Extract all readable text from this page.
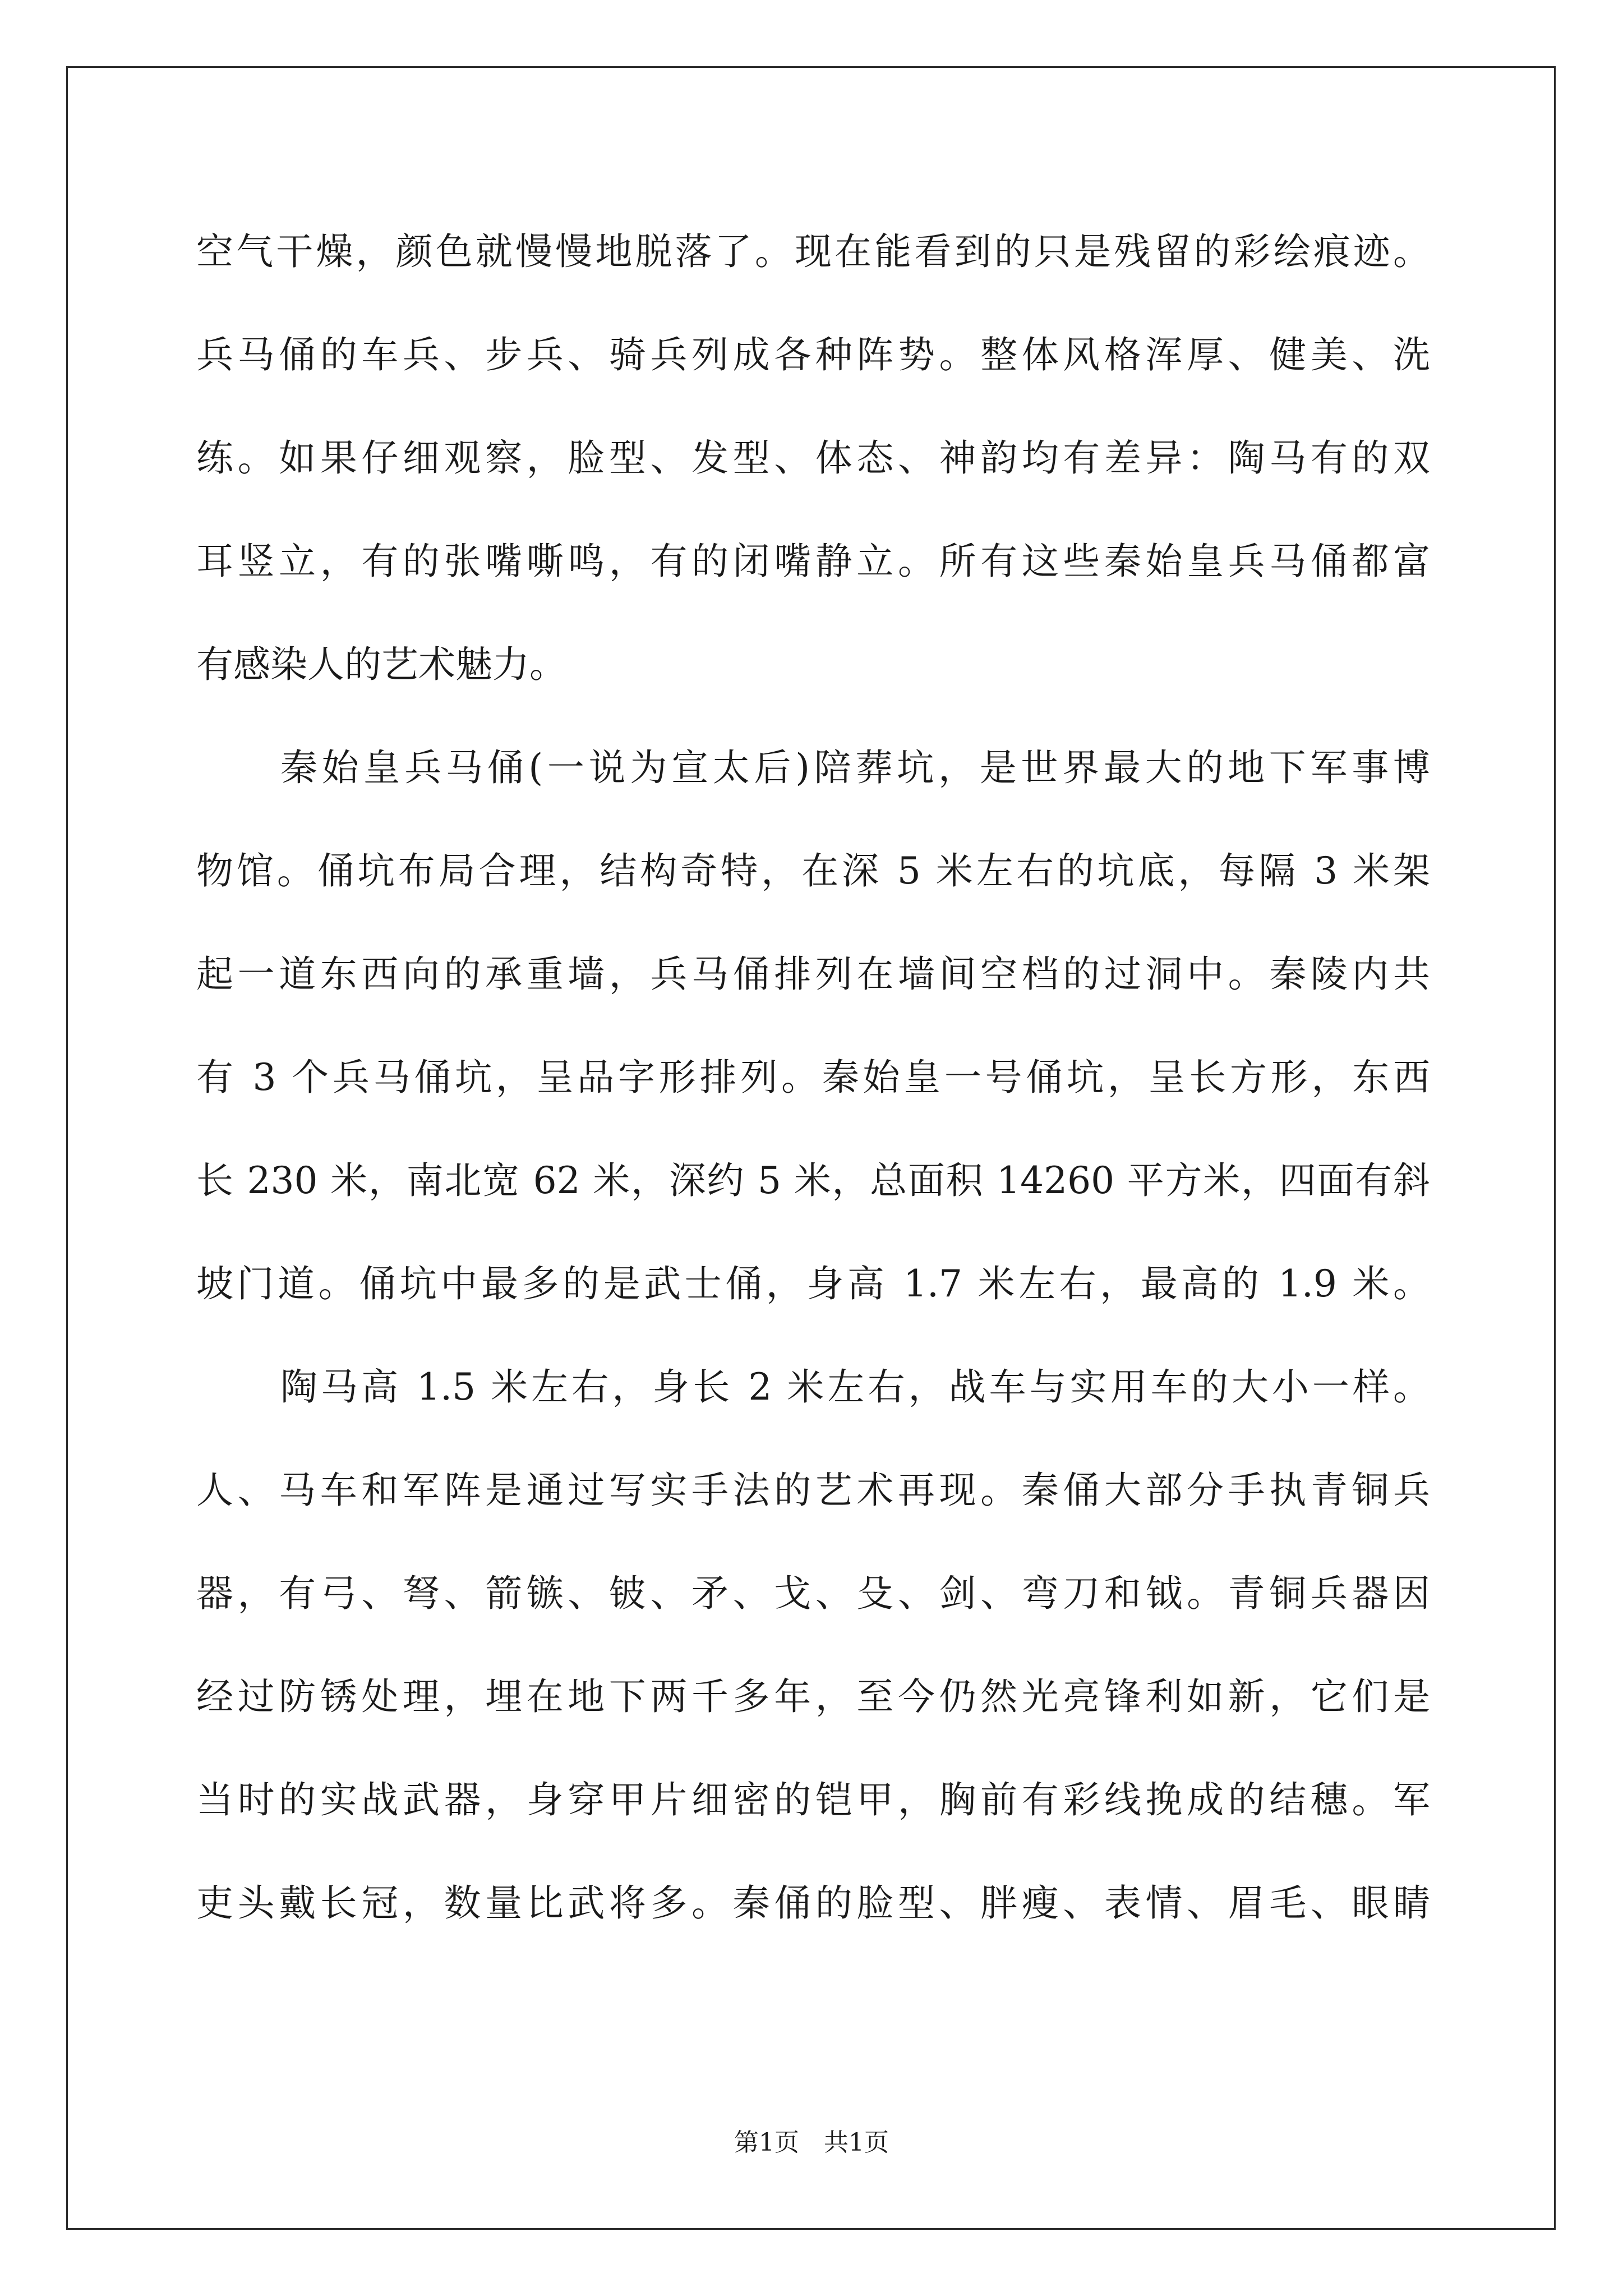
空气干燥，颜色就慢慢地脱落了。现在能看到的只是残留的彩绘痕迹。
兵马俑的车兵、步兵、骑兵列成各种阵势。整体风格浑厚、健美、洗
练。如果仔细观察，脸型、发型、体态、神韵均有差异：陶马有的双
耳竖立，有的张嘴嘶鸣，有的闭嘴静立。所有这些秦始皇兵马俑都富
有感染人的艺术魅力。
秦始皇兵马俑(一说为宣太后)陪葬坑，是世界最大的地下军事博
物馆。俑坑布局合理，结构奇特，在深 5 米左右的坑底，每隔 3 米架
起一道东西向的承重墙，兵马俑排列在墙间空档的过洞中。秦陵内共
有 3 个兵马俑坑，呈品字形排列。秦始皇一号俑坑，呈长方形，东西
长 230 米，南北宽 62 米，深约 5 米，总面积 14260 平方米，四面有斜
坡门道。俑坑中最多的是武士俑，身高 1.7 米左右，最高的 1.9 米。
陶马高 1.5 米左右，身长 2 米左右，战车与实用车的大小一样。
人、马车和军阵是通过写实手法的艺术再现。秦俑大部分手执青铜兵
器，有弓、弩、箭镞、铍、矛、戈、殳、剑、弯刀和钺。青铜兵器因
经过防锈处理，埋在地下两千多年，至今仍然光亮锋利如新，它们是
当时的实战武器，身穿甲片细密的铠甲，胸前有彩线挽成的结穗。军
吏头戴长冠，数量比武将多。秦俑的脸型、胖瘦、表情、眉毛、眼睛
第1页 共1页
